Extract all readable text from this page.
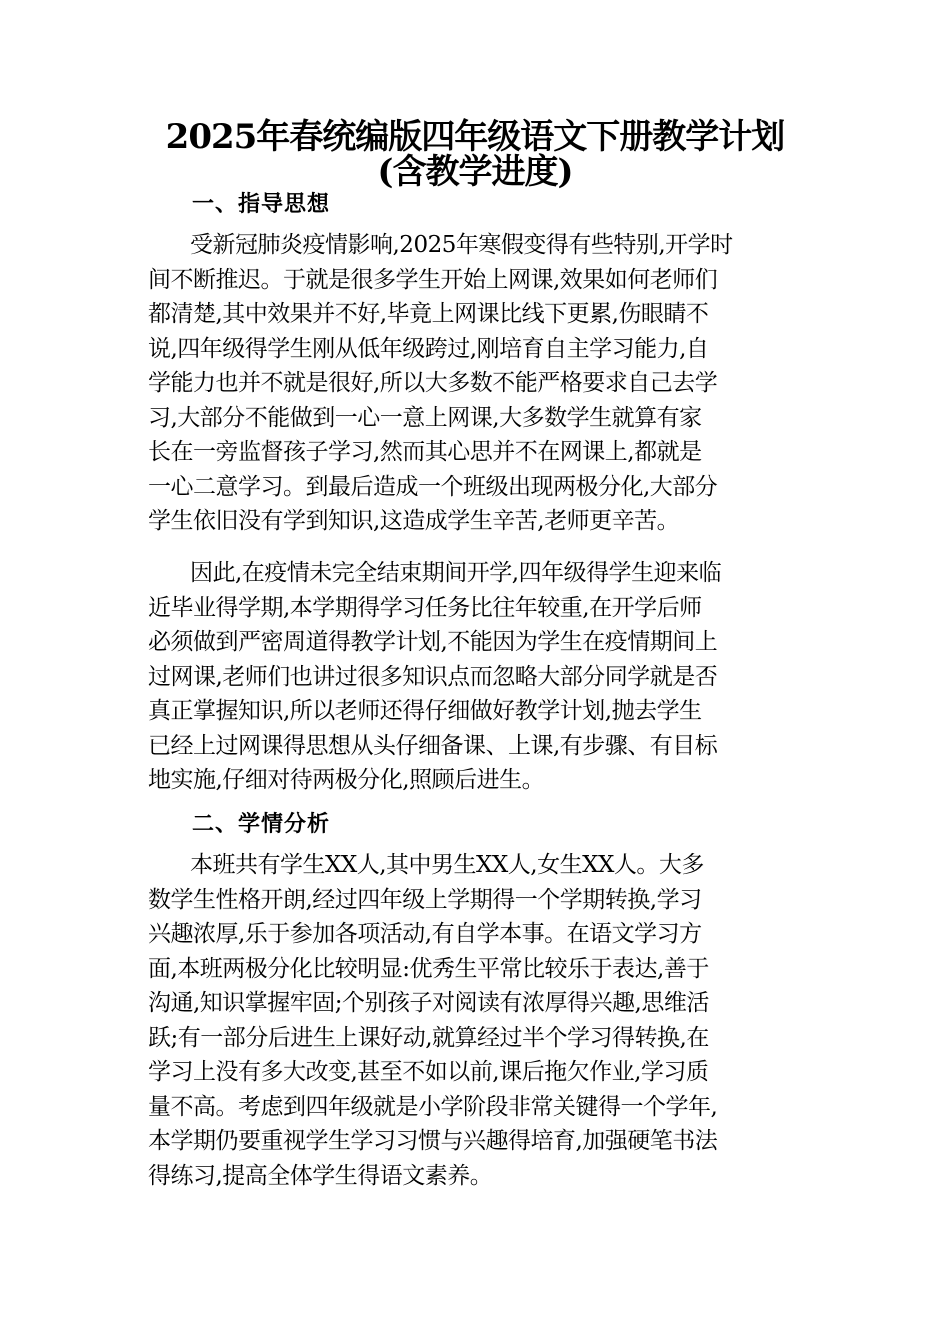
2025年春统编版四年级语文下册教学计划
(含教学进度)
一、指导思想
受新冠肺炎疫情影响,2025年寒假变得有些特别,开学时
间不断推迟。于就是很多学生开始上网课,效果如何老师们
都清楚,其中效果并不好,毕竟上网课比线下更累,伤眼睛不
说,四年级得学生刚从低年级跨过,刚培育自主学习能力,自
学能力也并不就是很好,所以大多数不能严格要求自己去学
习,大部分不能做到一心一意上网课,大多数学生就算有家
长在一旁监督孩子学习,然而其心思并不在网课上,都就是
一心二意学习。到最后造成一个班级出现两极分化,大部分
学生依旧没有学到知识,这造成学生辛苦,老师更辛苦。
因此,在疫情未完全结束期间开学,四年级得学生迎来临
近毕业得学期,本学期得学习任务比往年较重,在开学后师
必须做到严密周道得教学计划,不能因为学生在疫情期间上
过网课,老师们也讲过很多知识点而忽略大部分同学就是否
真正掌握知识,所以老师还得仔细做好教学计划,抛去学生
已经上过网课得思想从头仔细备课、上课,有步骤、有目标
地实施,仔细对待两极分化,照顾后进生。
二、学情分析
本班共有学生XX人,其中男生XX人,女生XX人。大多
数学生性格开朗,经过四年级上学期得一个学期转换,学习
兴趣浓厚,乐于参加各项活动,有自学本事。在语文学习方
面,本班两极分化比较明显:优秀生平常比较乐于表达,善于
沟通,知识掌握牢固;个别孩子对阅读有浓厚得兴趣,思维活
跃;有一部分后进生上课好动,就算经过半个学习得转换,在
学习上没有多大改变,甚至不如以前,课后拖欠作业,学习质
量不高。考虑到四年级就是小学阶段非常关键得一个学年,
本学期仍要重视学生学习习惯与兴趣得培育,加强硬笔书法
得练习,提高全体学生得语文素养。
